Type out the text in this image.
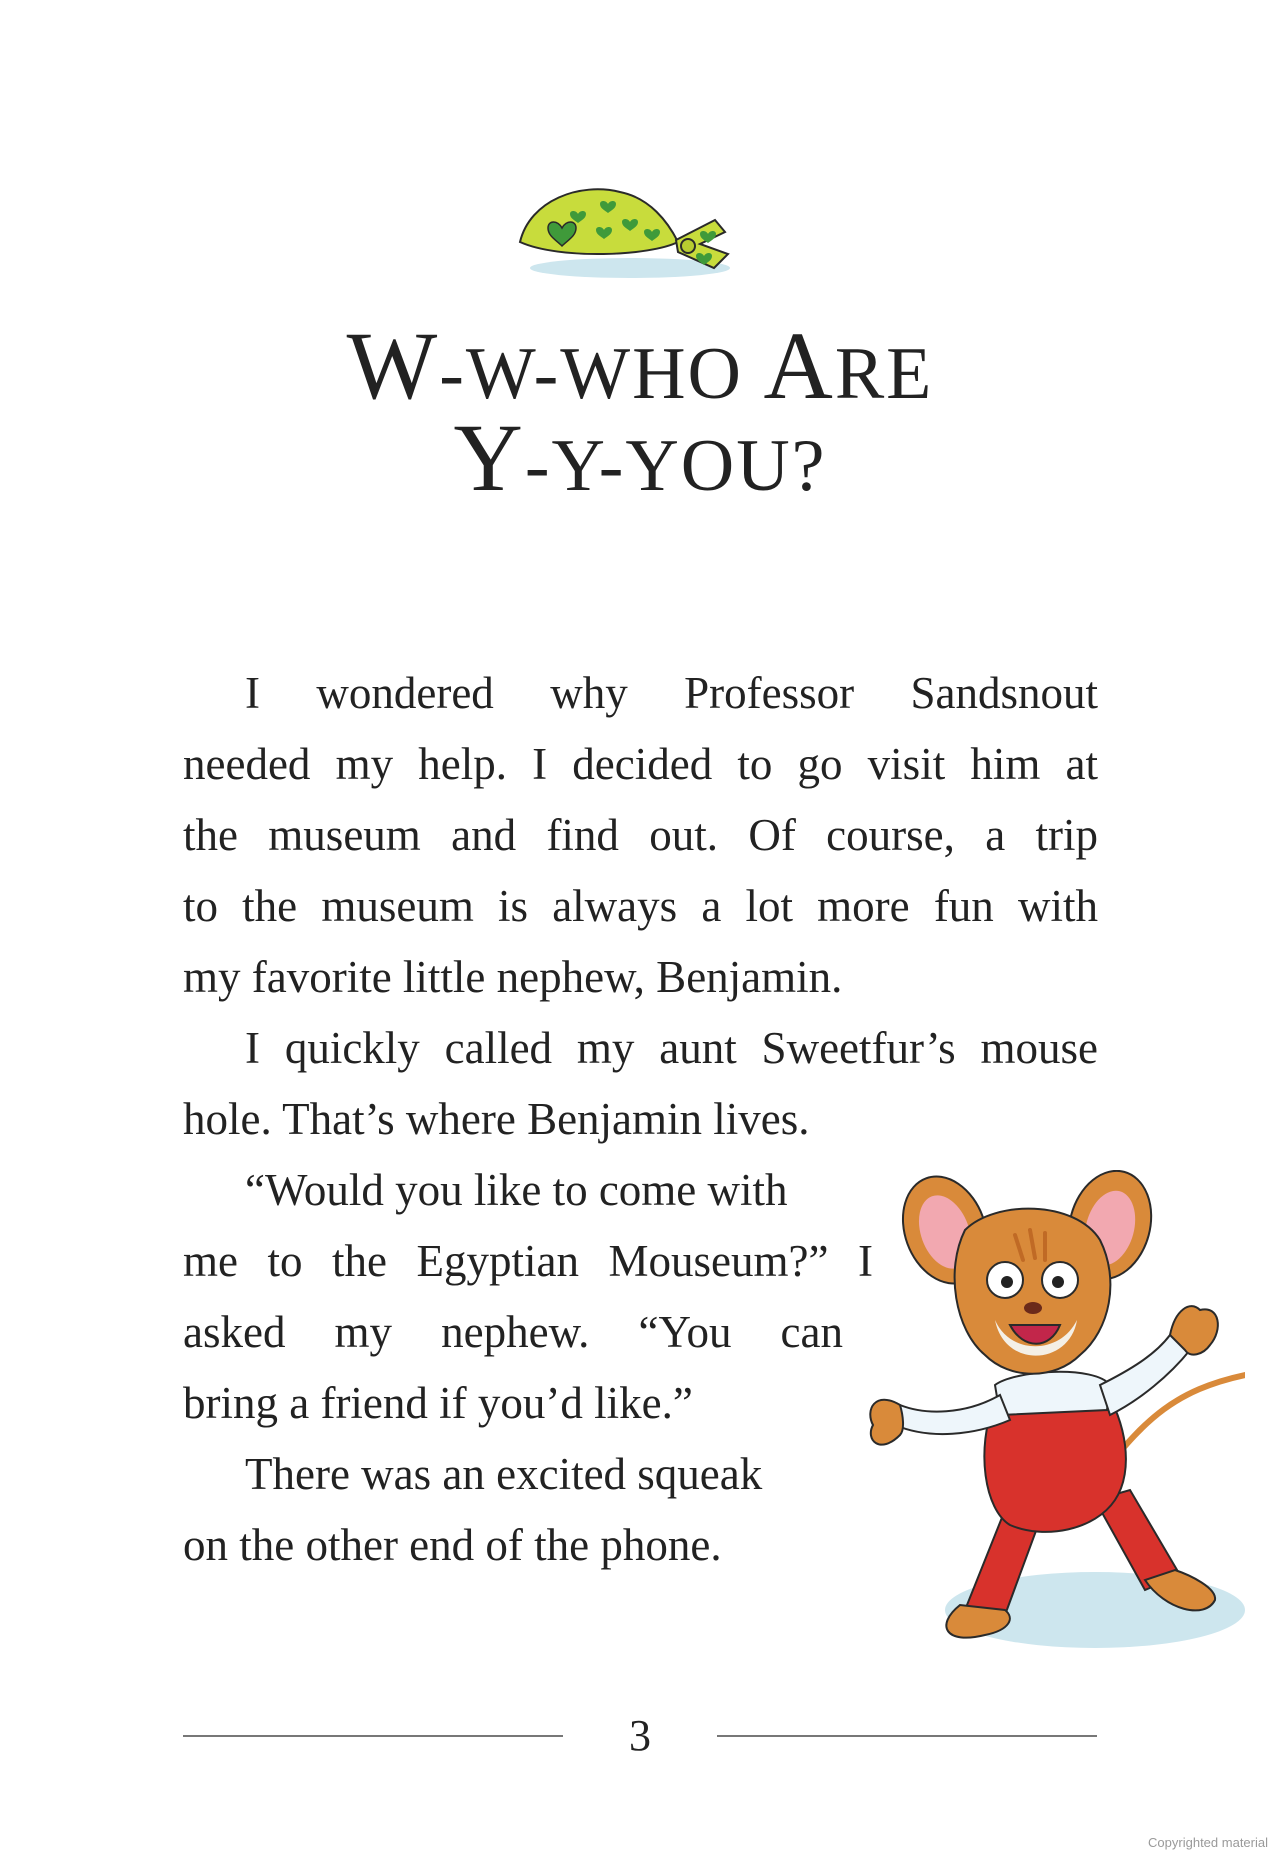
W-W-WHO ARE
Y-Y-YOU?
I wondered why Professor Sandsnout
needed my help. I decided to go visit him at
the museum and find out. Of course, a trip
to the museum is always a lot more fun with
my favorite little nephew, Benjamin.
I quickly called my aunt Sweetfur’s mouse
hole. That’s where Benjamin lives.
“Would you like to come with
me to the Egyptian Mouseum?” I
asked my nephew. “You can
bring a friend if you’d like.”
There was an excited squeak
on the other end of the phone.
3
Copyrighted material
